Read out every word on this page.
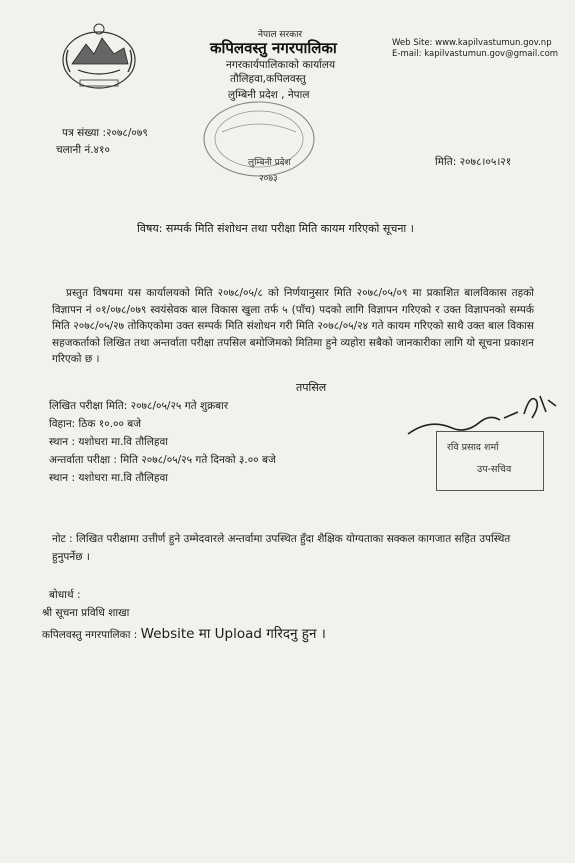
नेपाल सरकार
कपिलवस्तु नगरपालिका
नगरकार्यपालिकाको कार्यालय
तौलिहवा,कपिलवस्तु
लुम्बिनी प्रदेश , नेपाल
Web Site: www.kapilvastumun.gov.np
E-mail: kapilvastumun.gov@gmail.com
लुम्बिनी प्रदेश
२०७३
पत्र संख्या :२०७८/०७९
चलानी नं.४१०
मिति: २०७८।०५।२१
विषय: सम्पर्क मिति संशोधन तथा परीक्षा मिति कायम गरिएको सूचना ।
प्रस्तुत विषयमा यस कार्यालयको मिति २०७८/०५/८ को निर्णयानुसार मिति २०७८/०५/०९ मा प्रकाशित बालविकास तहको विज्ञापन नं ०१/०७८/०७९ स्वयंसेवक बाल विकास खुला तर्फ ५ (पाँच) पदको लागि विज्ञापन गरिएको र उक्त विज्ञापनको सम्पर्क मिति २०७८/०५/२७ तोकिएकोमा उक्त सम्पर्क मिति संशोधन गरी मिति २०७८/०५/२४ गते कायम गरिएको साथै उक्त बाल विकास सहजकर्ताको लिखित तथा अन्तर्वाता परीक्षा तपसिल बमोजिमको मितिमा हुने व्यहोरा सबैको जानकारीका लागि यो सूचना प्रकाशन गरिएको छ ।
तपसिल
लिखित परीक्षा मिति: २०७८/०५/२५ गते शुक्रबार
विहान: ठिक १०.०० बजे
स्थान : यशोधरा मा.वि तौलिहवा
अन्तर्वाता परीक्षा : मिति २०७८/०५/२५ गते दिनको ३.०० बजे
स्थान : यशोधरा मा.वि तौलिहवा
रवि प्रसाद शर्मा
उप-सचिव
नोट : लिखित परीक्षामा उत्तीर्ण हुने उम्मेदवारले अन्तर्वामा उपस्थित हुँदा शैक्षिक योग्यताका सक्कल कागजात सहित उपस्थित हुनुपर्नेछ ।
बोधार्थ :
श्री सूचना प्रविधि शाखा
कपिलवस्तु नगरपालिका : Website मा Upload गरिदनु हुन ।
